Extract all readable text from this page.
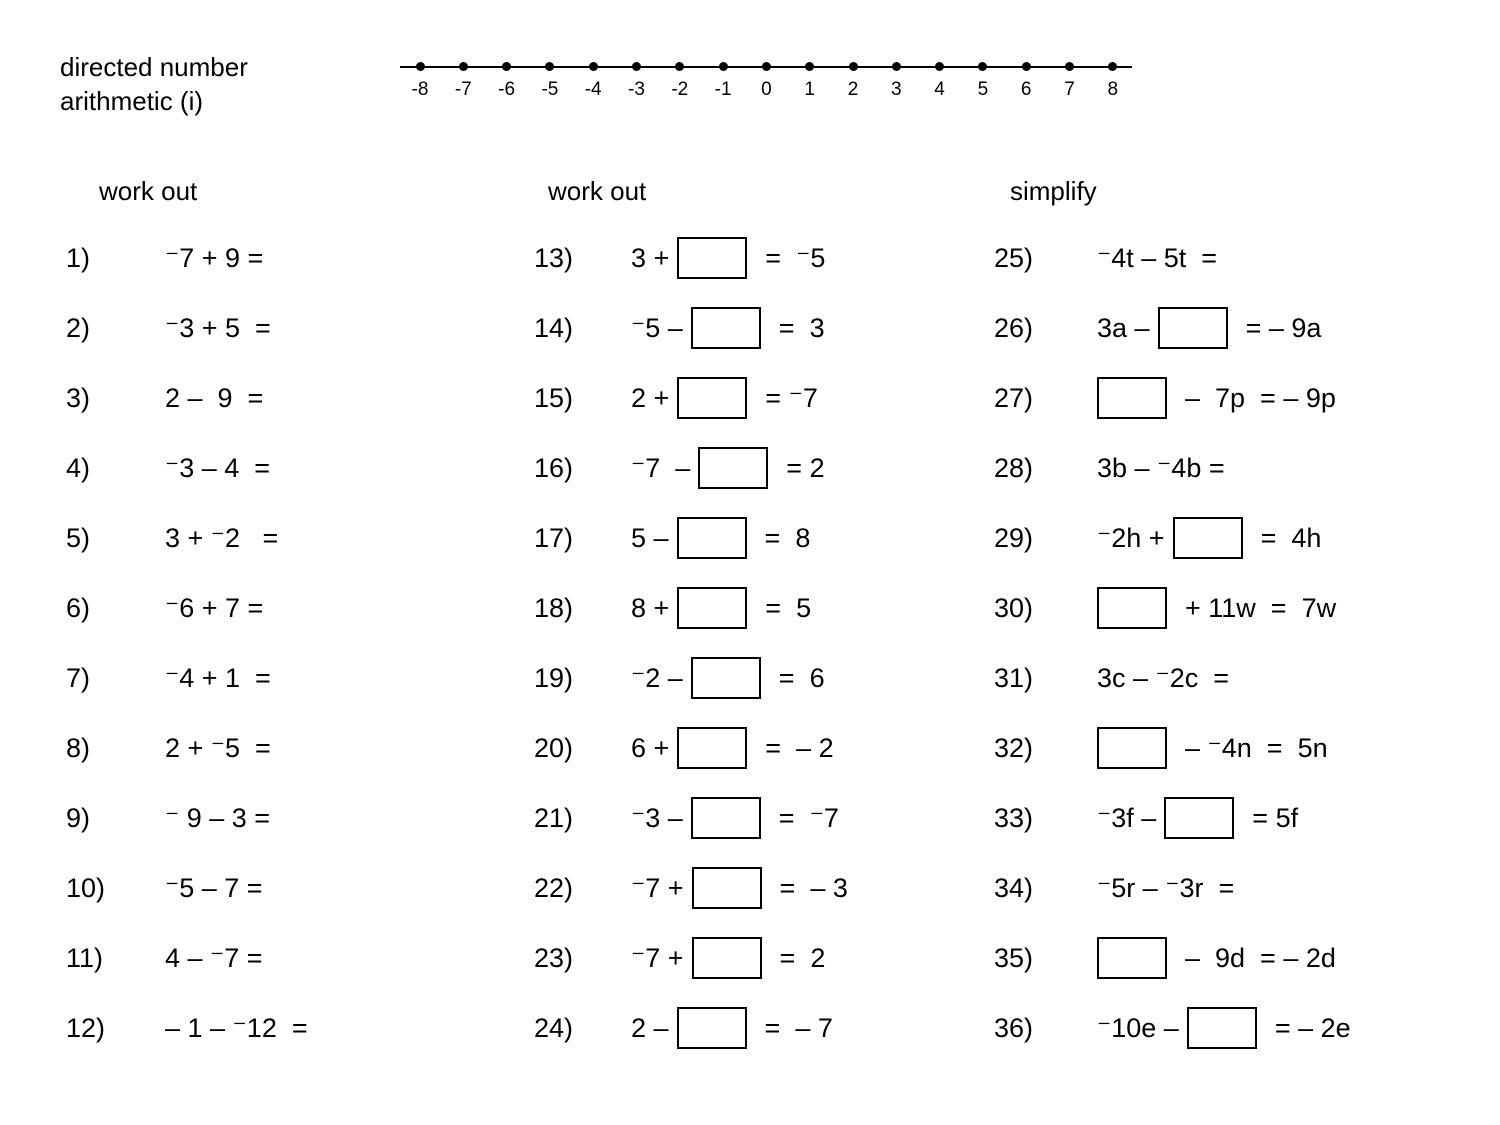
directed number
arithmetic (i)	-8	-7	-6	-5	-4	-3	-2	-1	0	1	2	3	4	5	6	7	8
work out	work out	simplify
1)	⁻7 + 9 =
2)	⁻3 + 5  =
3)	2 –  9  =
4)	⁻3 – 4  =
5)	3 + ⁻2   =
6)	⁻6 + 7 =
7)	⁻4 + 1  =
8)	2 + ⁻5  =
9)	⁻ 9 – 3 =
10)	⁻5 – 7 =
11)	4 – ⁻7 =
12)	– 1 – ⁻12  =
13)	3 +	=  ⁻5
14)	⁻5 –	=  3
15)	2 +	= ⁻7
16)	⁻7  –	= 2
17)	5 –	=  8
18)	8 +	=  5
19)	⁻2 –	=  6
20)	6 +	=  – 2
21)	⁻3 –	=  ⁻7
22)	⁻7 +	=  – 3
23)	⁻7 +	=  2
24)	2 –	=  – 7
25)	⁻4t – 5t  =
26)	3a –	= – 9a
27)	–  7p  = – 9p
28)	3b – ⁻4b =
29)	⁻2h +	=  4h
30)	+ 11w  =  7w
31)	3c – ⁻2c  =
32)	– ⁻4n  =  5n
33)	⁻3f –	= 5f
34)	⁻5r – ⁻3r  =
35)	–  9d  = – 2d
36)	⁻10e –	= – 2e
